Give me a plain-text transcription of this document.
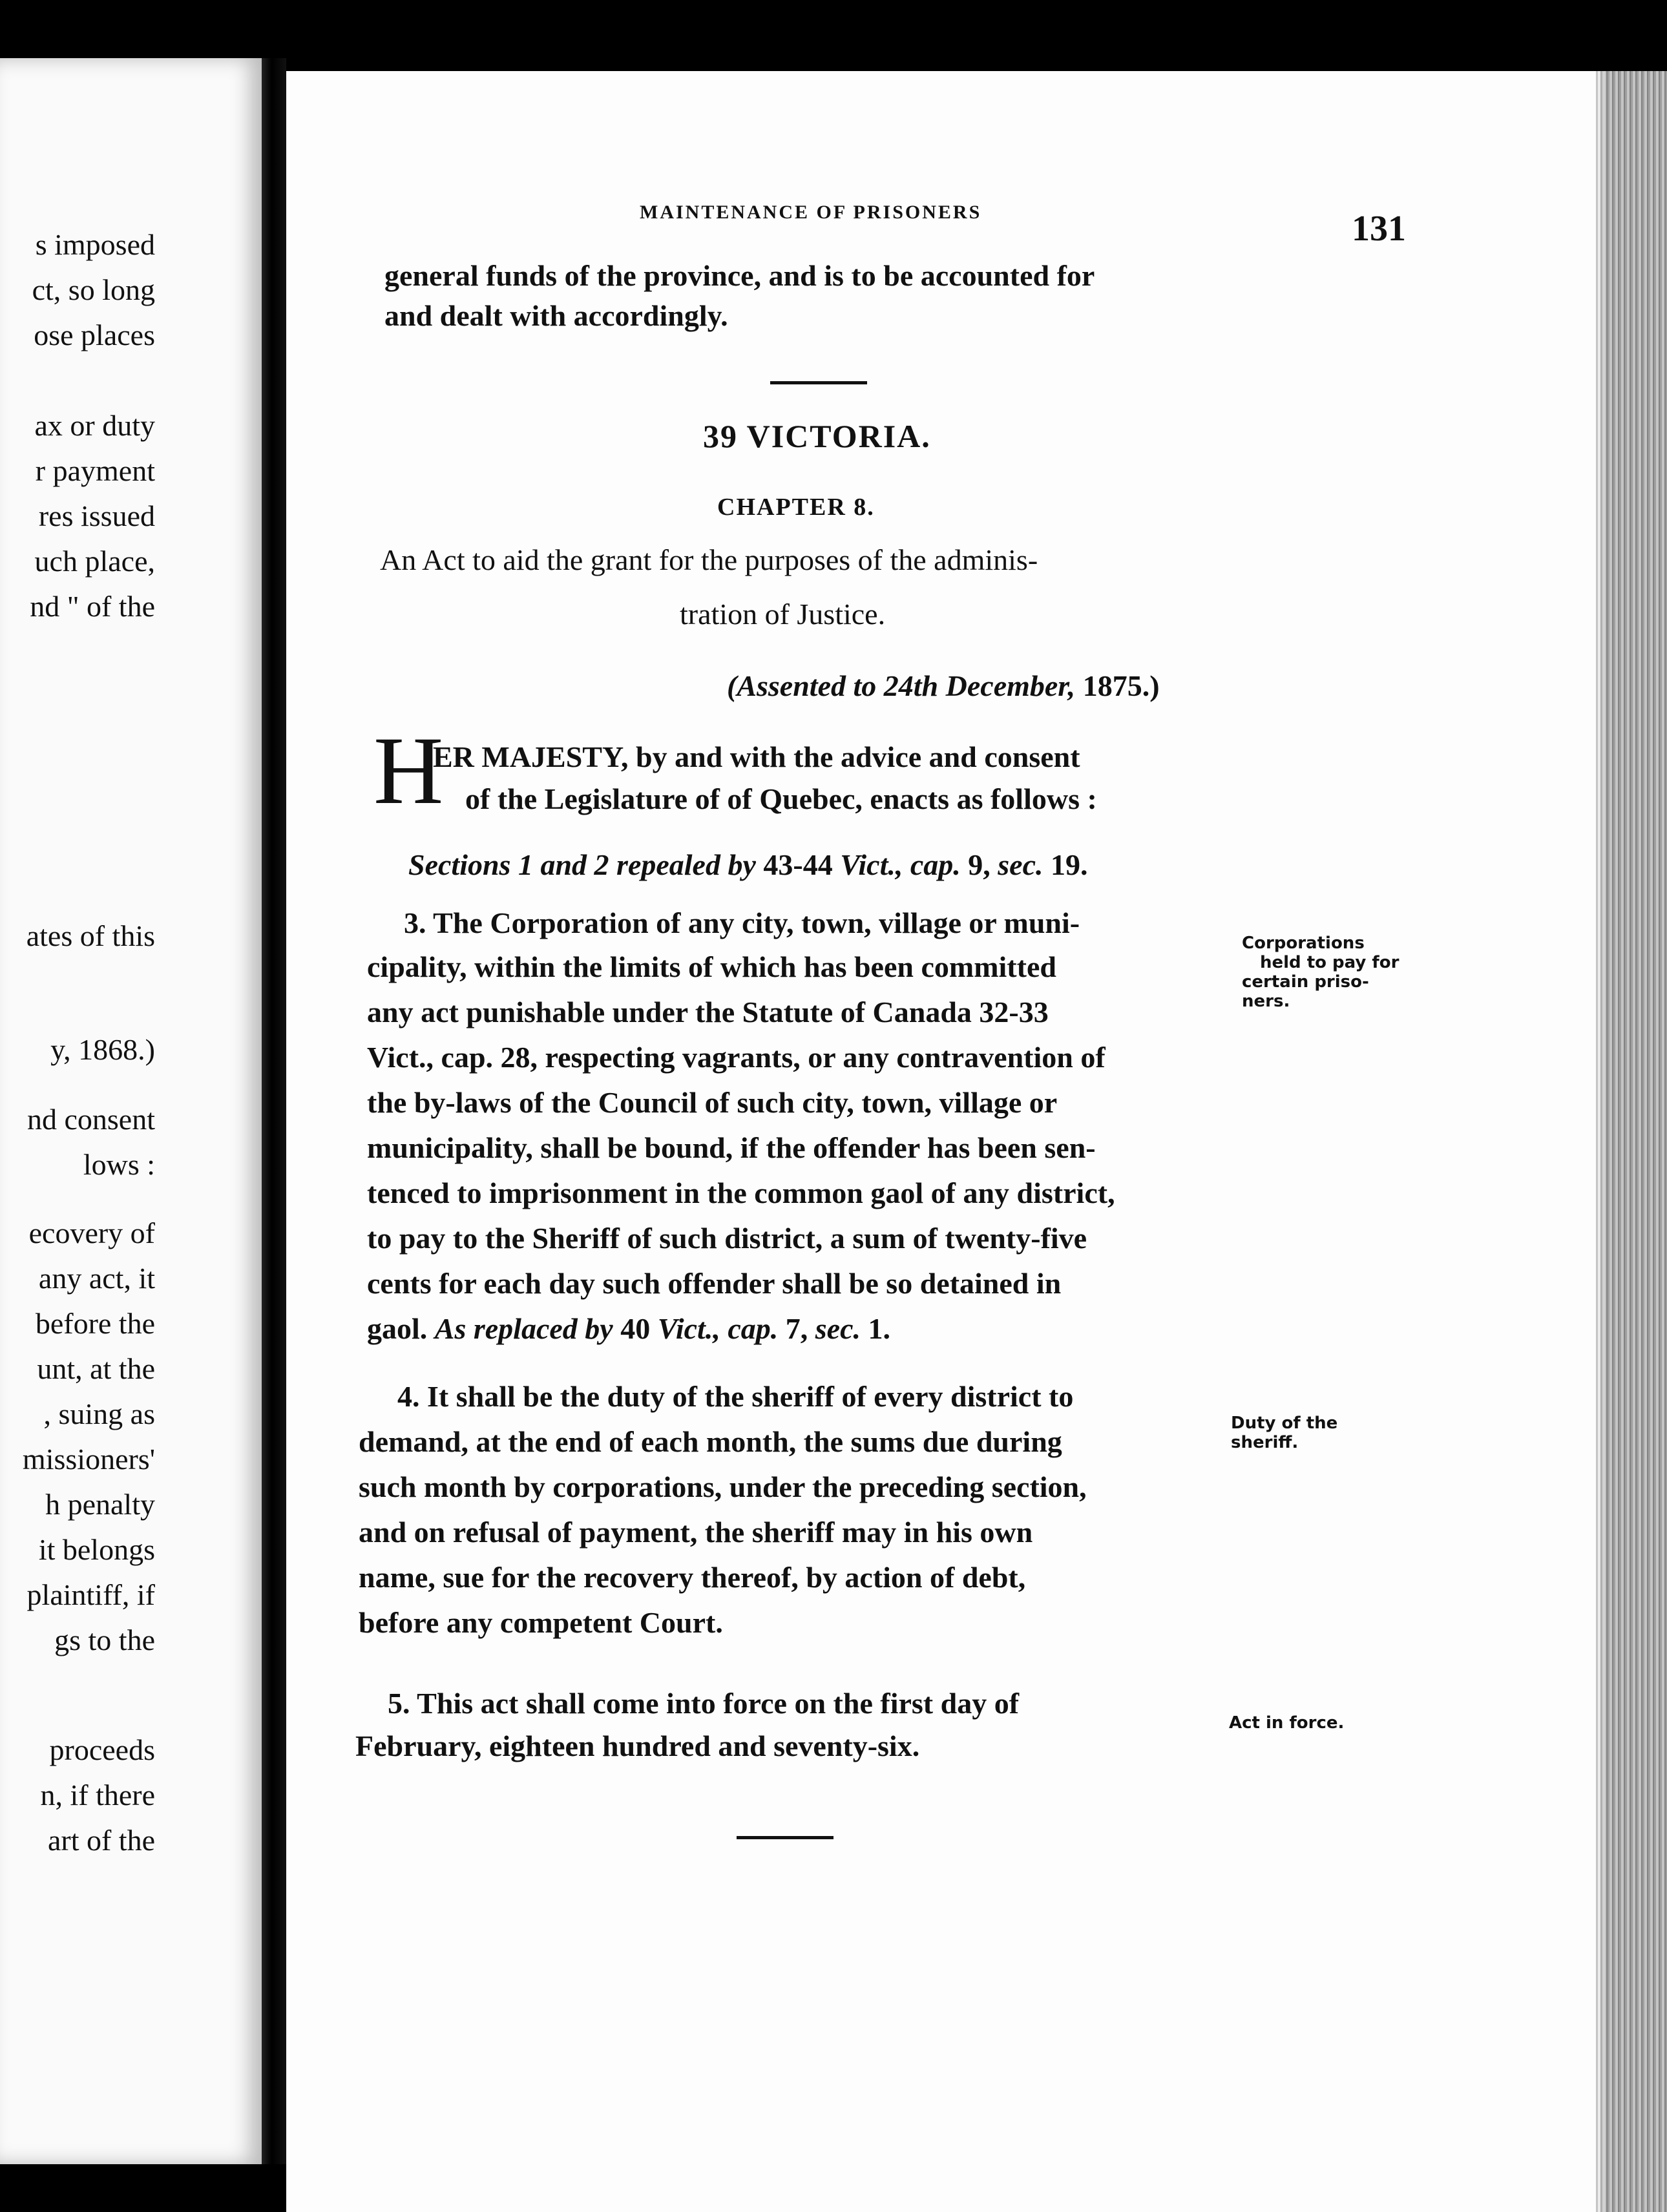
s imposed
ct, so long
ose places
ax or duty
r payment
res issued
uch place,
nd " of the
ates of this
y, 1868.)
nd consent
lows :
ecovery of
any act, it
before the
unt, at the
, suing as
missioners'
h penalty
it belongs
plaintiff, if
gs to the
proceeds
n, if there
art of the
MAINTENANCE OF PRISONERS	131
general funds of the province, and is to be accounted for
and dealt with accordingly.
39 VICTORIA.
CHAPTER 8.
An Act to aid the grant for the purposes of the adminis-
tration of Justice.
(Assented to 24th December, 1875.)
H
ER MAJESTY, by and with the advice and consent
of the Legislature of of Quebec, enacts as follows :
Sections 1 and 2 repealed by 43-44 Vict., cap. 9, sec. 19.
3. The Corporation of any city, town, village or muni-
cipality, within the limits of which has been committed
any act punishable under the Statute of Canada 32-33
Vict., cap. 28, respecting vagrants, or any contravention of
the by-laws of the Council of such city, town, village or
municipality, shall be bound, if the offender has been sen-
tenced to imprisonment in the common gaol of any district,
to pay to the Sheriff of such district, a sum of twenty-five
cents for each day such offender shall be so detained in
gaol. As replaced by 40 Vict., cap. 7, sec. 1.
Corporations
held to pay for
certain priso-
ners.
4. It shall be the duty of the sheriff of every district to
demand, at the end of each month, the sums due during
such month by corporations, under the preceding section,
and on refusal of payment, the sheriff may in his own
name, sue for the recovery thereof, by action of debt,
before any competent Court.
Duty of the
sheriff.
5. This act shall come into force on the first day of
February, eighteen hundred and seventy-six.
Act in force.
